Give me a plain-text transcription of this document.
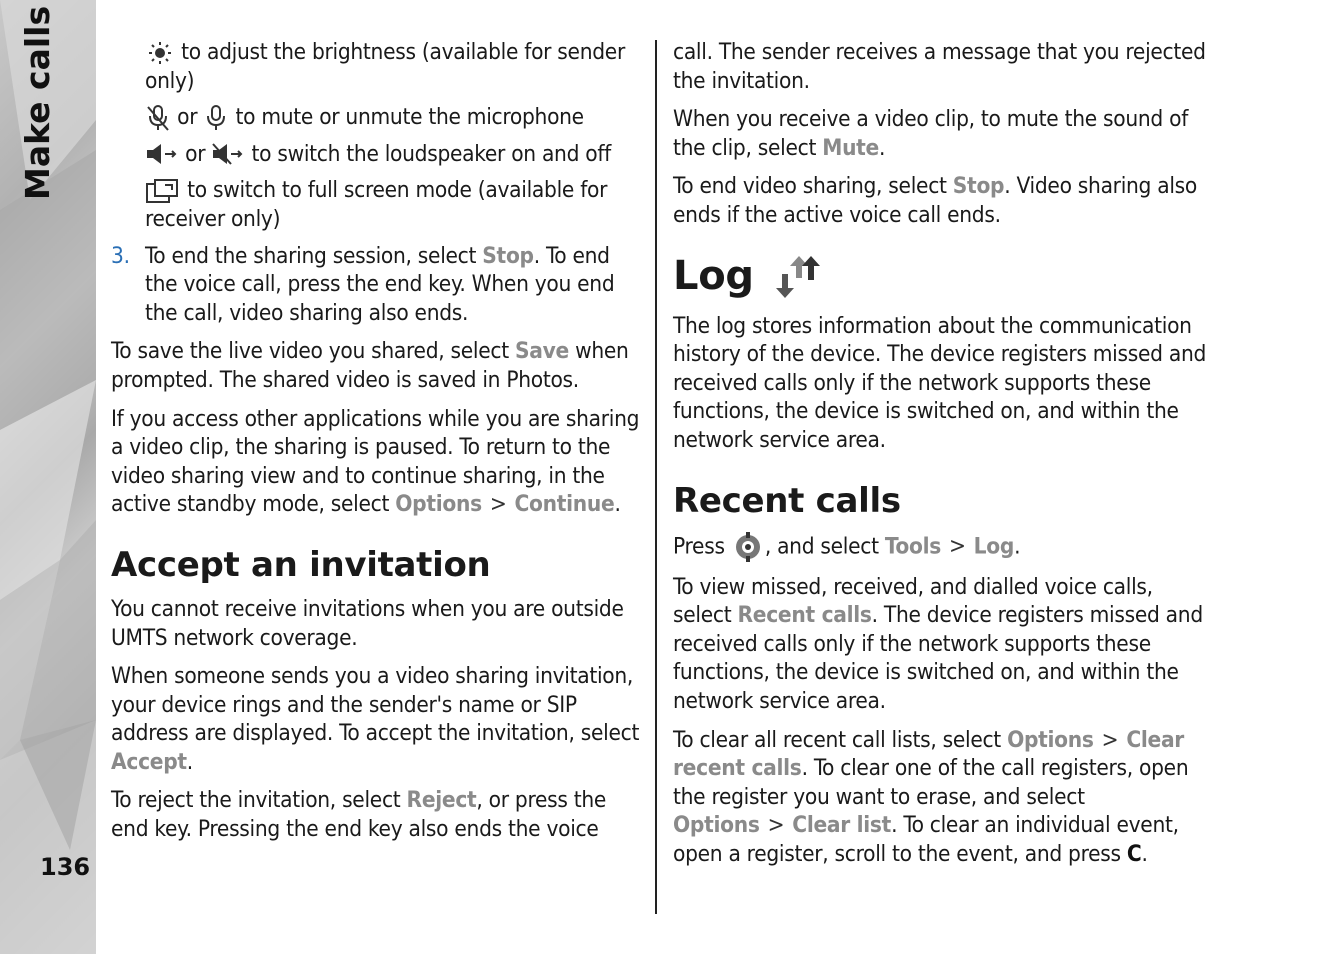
Make calls
136

to adjust the brightness (available for sender only)

or
to mute or unmute the microphone

or
to switch the loudspeaker on and off

to switch to full screen mode (available for receiver only)

3. To end the sharing session, select Stop. To end the voice call, press the end key. When you end the call, video sharing also ends.

To save the live video you shared, select Save when prompted. The shared video is saved in Photos.

If you access other applications while you are sharing a video clip, the sharing is paused. To return to the video sharing view and to continue sharing, in the active standby mode, select Options > Continue.

Accept an invitation

You cannot receive invitations when you are outside UMTS network coverage.

When someone sends you a video sharing invitation, your device rings and the sender's name or SIP address are displayed. To accept the invitation, select Accept.

To reject the invitation, select Reject, or press the end key. Pressing the end key also ends the voice

call. The sender receives a message that you rejected the invitation.

When you receive a video clip, to mute the sound of the clip, select Mute.

To end video sharing, select Stop. Video sharing also ends if the active voice call ends.

Log

The log stores information about the communication history of the device. The device registers missed and received calls only if the network supports these functions, the device is switched on, and within the network service area.

Recent calls

Press
, and select Tools > Log.

To view missed, received, and dialled voice calls, select Recent calls. The device registers missed and received calls only if the network supports these functions, the device is switched on, and within the network service area.

To clear all recent call lists, select Options > Clear recent calls. To clear one of the call registers, open the register you want to erase, and select Options > Clear list. To clear an individual event, open a register, scroll to the event, and press C.
